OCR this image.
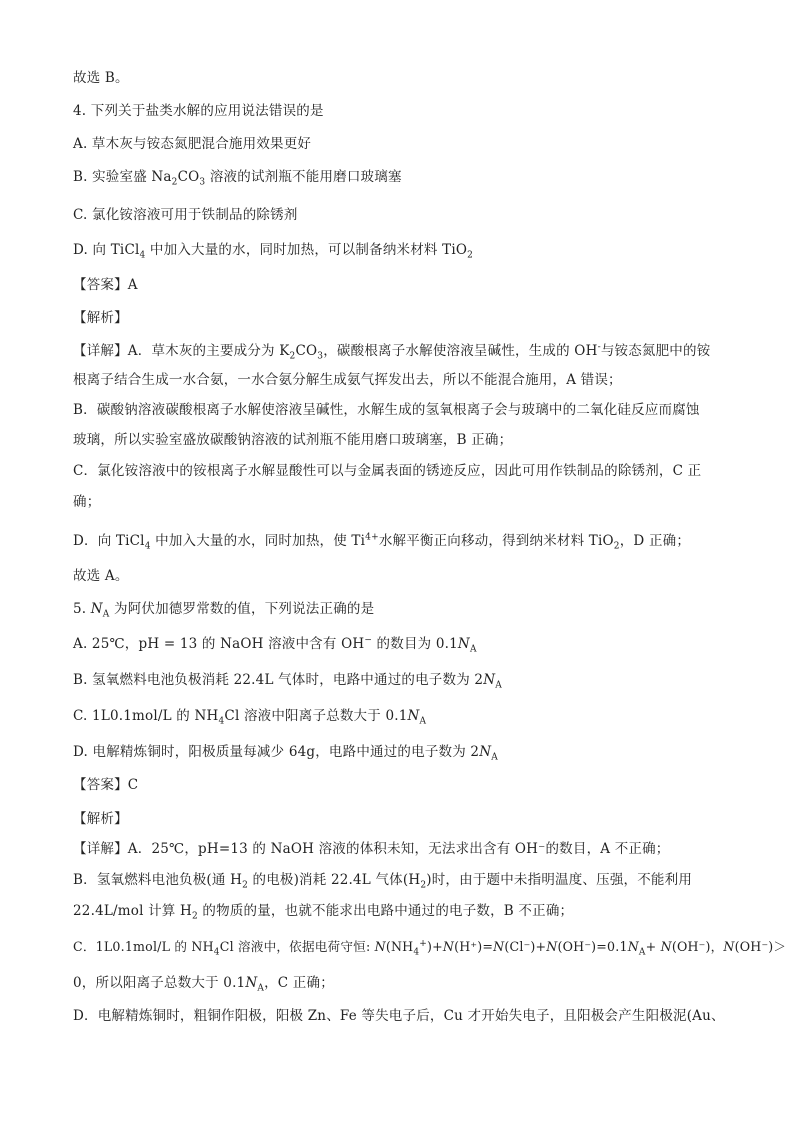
故选 B。
4. 下列关于盐类水解的应用说法错误的是
A. 草木灰与铵态氮肥混合施用效果更好
B. 实验室盛 $Na_2CO_3$ 溶液的试剂瓶不能用磨口玻璃塞
C. 氯化铵溶液可用于铁制品的除锈剂
D. 向 TiCl$_4$ 中加入大量的水，同时加热，可以制备纳米材料 TiO$_2$
【答案】A
【解析】
【详解】A．草木灰的主要成分为 $K_2CO_3$，碳酸根离子水解使溶液呈碱性，生成的 OH-与铵态氮肥中的铵
根离子结合生成一水合氨，一水合氨分解生成氨气挥发出去，所以不能混合施用，A 错误；
B．碳酸钠溶液碳酸根离子水解使溶液呈碱性，水解生成的氢氧根离子会与玻璃中的二氧化硅反应而腐蚀
玻璃，所以实验室盛放碳酸钠溶液的试剂瓶不能用磨口玻璃塞，B 正确；
C．氯化铵溶液中的铵根离子水解显酸性可以与金属表面的锈迹反应，因此可用作铁制品的除锈剂，C 正
确；
D．向 TiCl$_4$ 中加入大量的水，同时加热，使 $Ti^{4+}$水解平衡正向移动，得到纳米材料 TiO$_2$，D 正确；
故选 A。
5. $N_A$ 为阿伏加德罗常数的值，下列说法正确的是
A. 25℃，pH = 13 的 NaOH 溶液中含有 OH− 的数目为 $0.1N_A$
B. 氢氧燃料电池负极消耗 22.4L 气体时，电路中通过的电子数为 $2N_A$
C. 1L0.1mol/L 的 $NH_4Cl$ 溶液中阳离子总数大于 $0.1N_A$
D. 电解精炼铜时，阳极质量每减少 64g，电路中通过的电子数为 $2N_A$
【答案】C
【解析】
【详解】A．25℃，pH=13 的 NaOH 溶液的体积未知，无法求出含有 OH⁻的数目，A 不正确；
B．氢氧燃料电池负极(通 $H_2$ 的电极)消耗 22.4L 气体$(H_2)$时，由于题中未指明温度、压强，不能利用
22.4L/mol 计算 $H_2$ 的物质的量，也就不能求出电路中通过的电子数，B 不正确；
C．1L0.1mol/L 的 $NH_4Cl$ 溶液中，依据电荷守恒: $N(NH_4^+)+N(H^+)=N(Cl^-)+N(OH^-)=0.1N_A+ N(OH^-)$，N(OH⁻)＞
0，所以阳离子总数大于 $0.1N_A$，C 正确；
D．电解精炼铜时，粗铜作阳极，阳极 Zn、Fe 等失电子后，Cu 才开始失电子，且阳极会产生阳极泥(Au、
